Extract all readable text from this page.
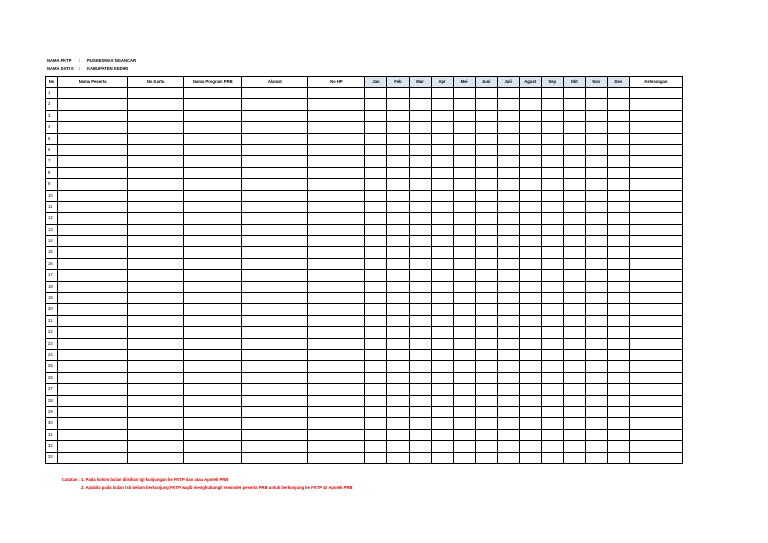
NAMA FKTP	:	PUSKESMAS NGANCAR
NAMA DATI II	:	KABUPATEN KEDIRI
No	Nama Peserta	No Kartu	Nama Program PRB	Alamat	No HP	Jan	Feb	Mar	Apr	Mei	Juni	Juli	Agust	Sep	Okt	Nov	Des	Keterangan
1																		
2																		
3																		
4																		
5																		
6																		
7																		
8																		
9																		
10																		
11																		
12																		
13																		
14																		
15																		
16																		
17																		
18																		
19																		
20																		
21																		
22																		
23																		
24																		
25																		
26																		
27																		
28																		
29																		
30																		
31																		
32																		
33																		
Catatan : 1. Pada kolom bulan diisikan tgl kunjungan ke FKTP dan atau Apotek PRB
2. Apabila pada bulan tsb belum berkunjung FKTP wajib menghubungi/ reminder peserta PRB untuk berkunjung ke FKTP &/ Apotek PRB
